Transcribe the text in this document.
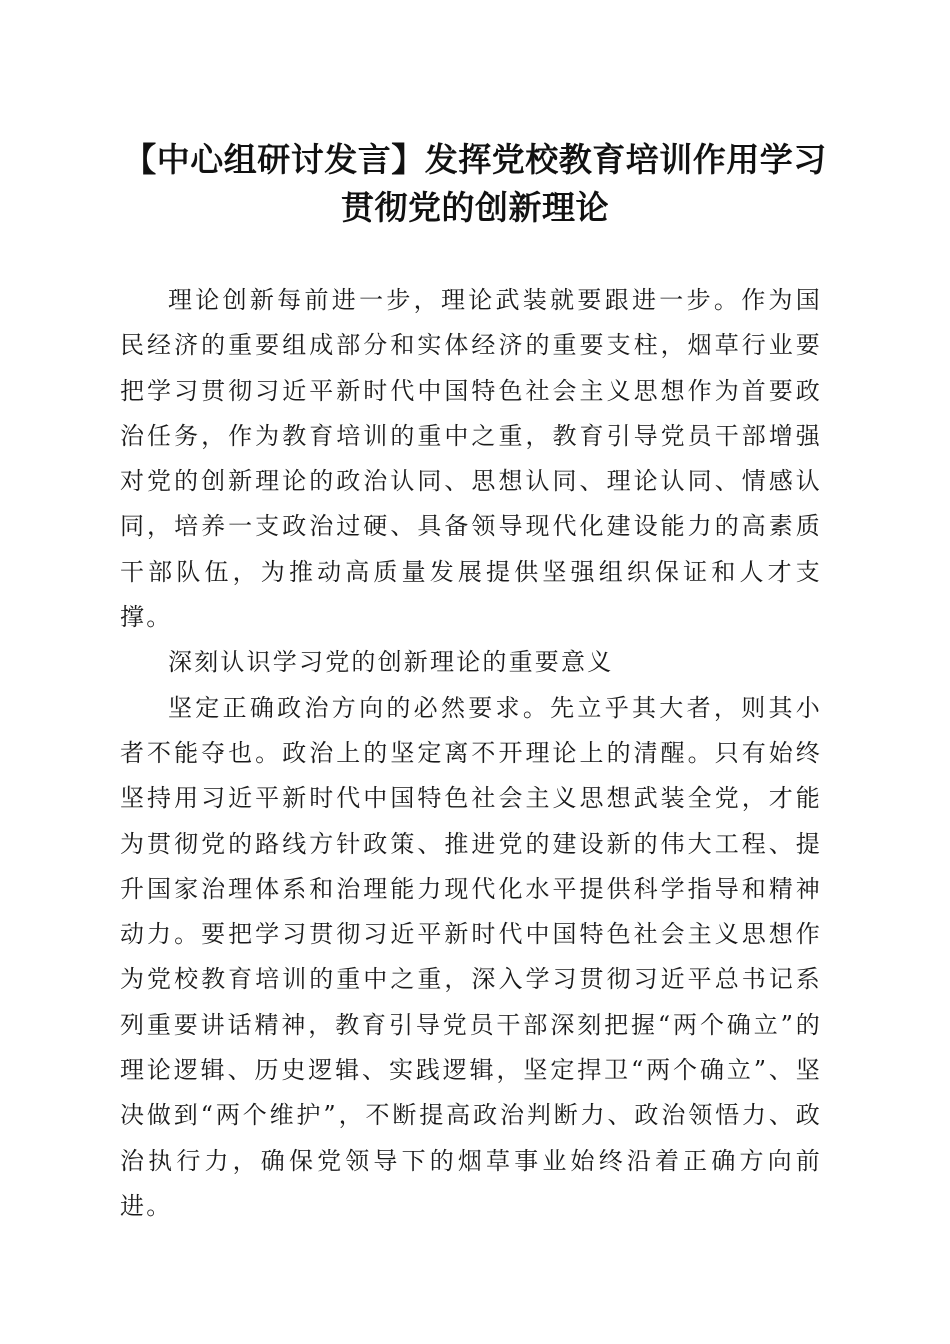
【中心组研讨发言】发挥党校教育培训作用学习贯彻党的创新理论

理论创新每前进一步，理论武装就要跟进一步。作为国民经济的重要组成部分和实体经济的重要支柱，烟草行业要把学习贯彻习近平新时代中国特色社会主义思想作为首要政治任务，作为教育培训的重中之重，教育引导党员干部增强对党的创新理论的政治认同、思想认同、理论认同、情感认同，培养一支政治过硬、具备领导现代化建设能力的高素质干部队伍，为推动高质量发展提供坚强组织保证和人才支撑。

深刻认识学习党的创新理论的重要意义

坚定正确政治方向的必然要求。先立乎其大者，则其小者不能夺也。政治上的坚定离不开理论上的清醒。只有始终坚持用习近平新时代中国特色社会主义思想武装全党，才能为贯彻党的路线方针政策、推进党的建设新的伟大工程、提升国家治理体系和治理能力现代化水平提供科学指导和精神动力。要把学习贯彻习近平新时代中国特色社会主义思想作为党校教育培训的重中之重，深入学习贯彻习近平总书记系列重要讲话精神，教育引导党员干部深刻把握“两个确立”的理论逻辑、历史逻辑、实践逻辑，坚定捍卫“两个确立”、坚决做到“两个维护”，不断提高政治判断力、政治领悟力、政治执行力，确保党领导下的烟草事业始终沿着正确方向前进。
